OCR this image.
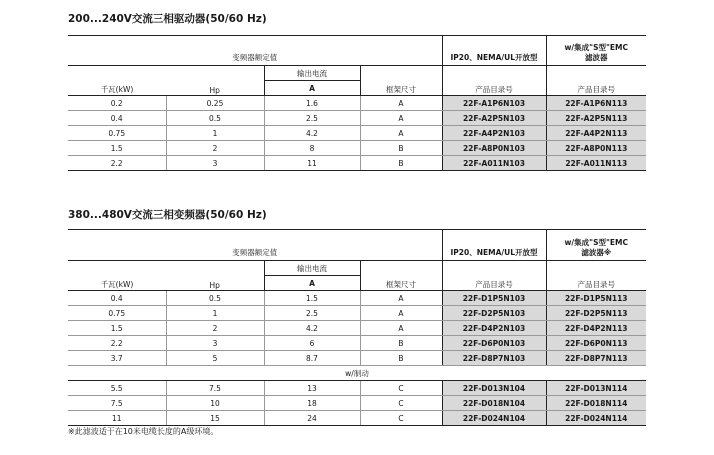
200...240V交流三相驱动器(50/60 Hz)
变频器额定值				IP20、NEMA/UL开放型	w/集成"S型"EMC
滤波器

千瓦(kW)	Hp	输出电流	框架尺寸	产品目录号	产品目录号
		A			
0.2	0.25	1.6	A	22F-A1P6N103	22F-A1P6N113
0.4	0.5	2.5	A	22F-A2P5N103	22F-A2P5N113
0.75	1	4.2	A	22F-A4P2N103	22F-A4P2N113
1.5	2	8	B	22F-A8P0N103	22F-A8P0N113
2.2	3	11	B	22F-A011N103	22F-A011N113
380...480V交流三相变频器(50/60 Hz)
变频器额定值				IP20、NEMA/UL开放型	w/集成"S型"EMC
滤波器※

千瓦(kW)	Hp	输出电流	框架尺寸	产品目录号	产品目录号
		A			
0.4	0.5	1.5	A	22F-D1P5N103	22F-D1P5N113
0.75	1	2.5	A	22F-D2P5N103	22F-D2P5N113
1.5	2	4.2	A	22F-D4P2N103	22F-D4P2N113
2.2	3	6	B	22F-D6P0N103	22F-D6P0N113
3.7	5	8.7	B	22F-D8P7N103	22F-D8P7N113
w/制动					
5.5	7.5	13	C	22F-D013N104	22F-D013N114
7.5	10	18	C	22F-D018N104	22F-D018N114
11	15	24	C	22F-D024N104	22F-D024N114
※此滤波适于在10米电缆长度的A级环境。
